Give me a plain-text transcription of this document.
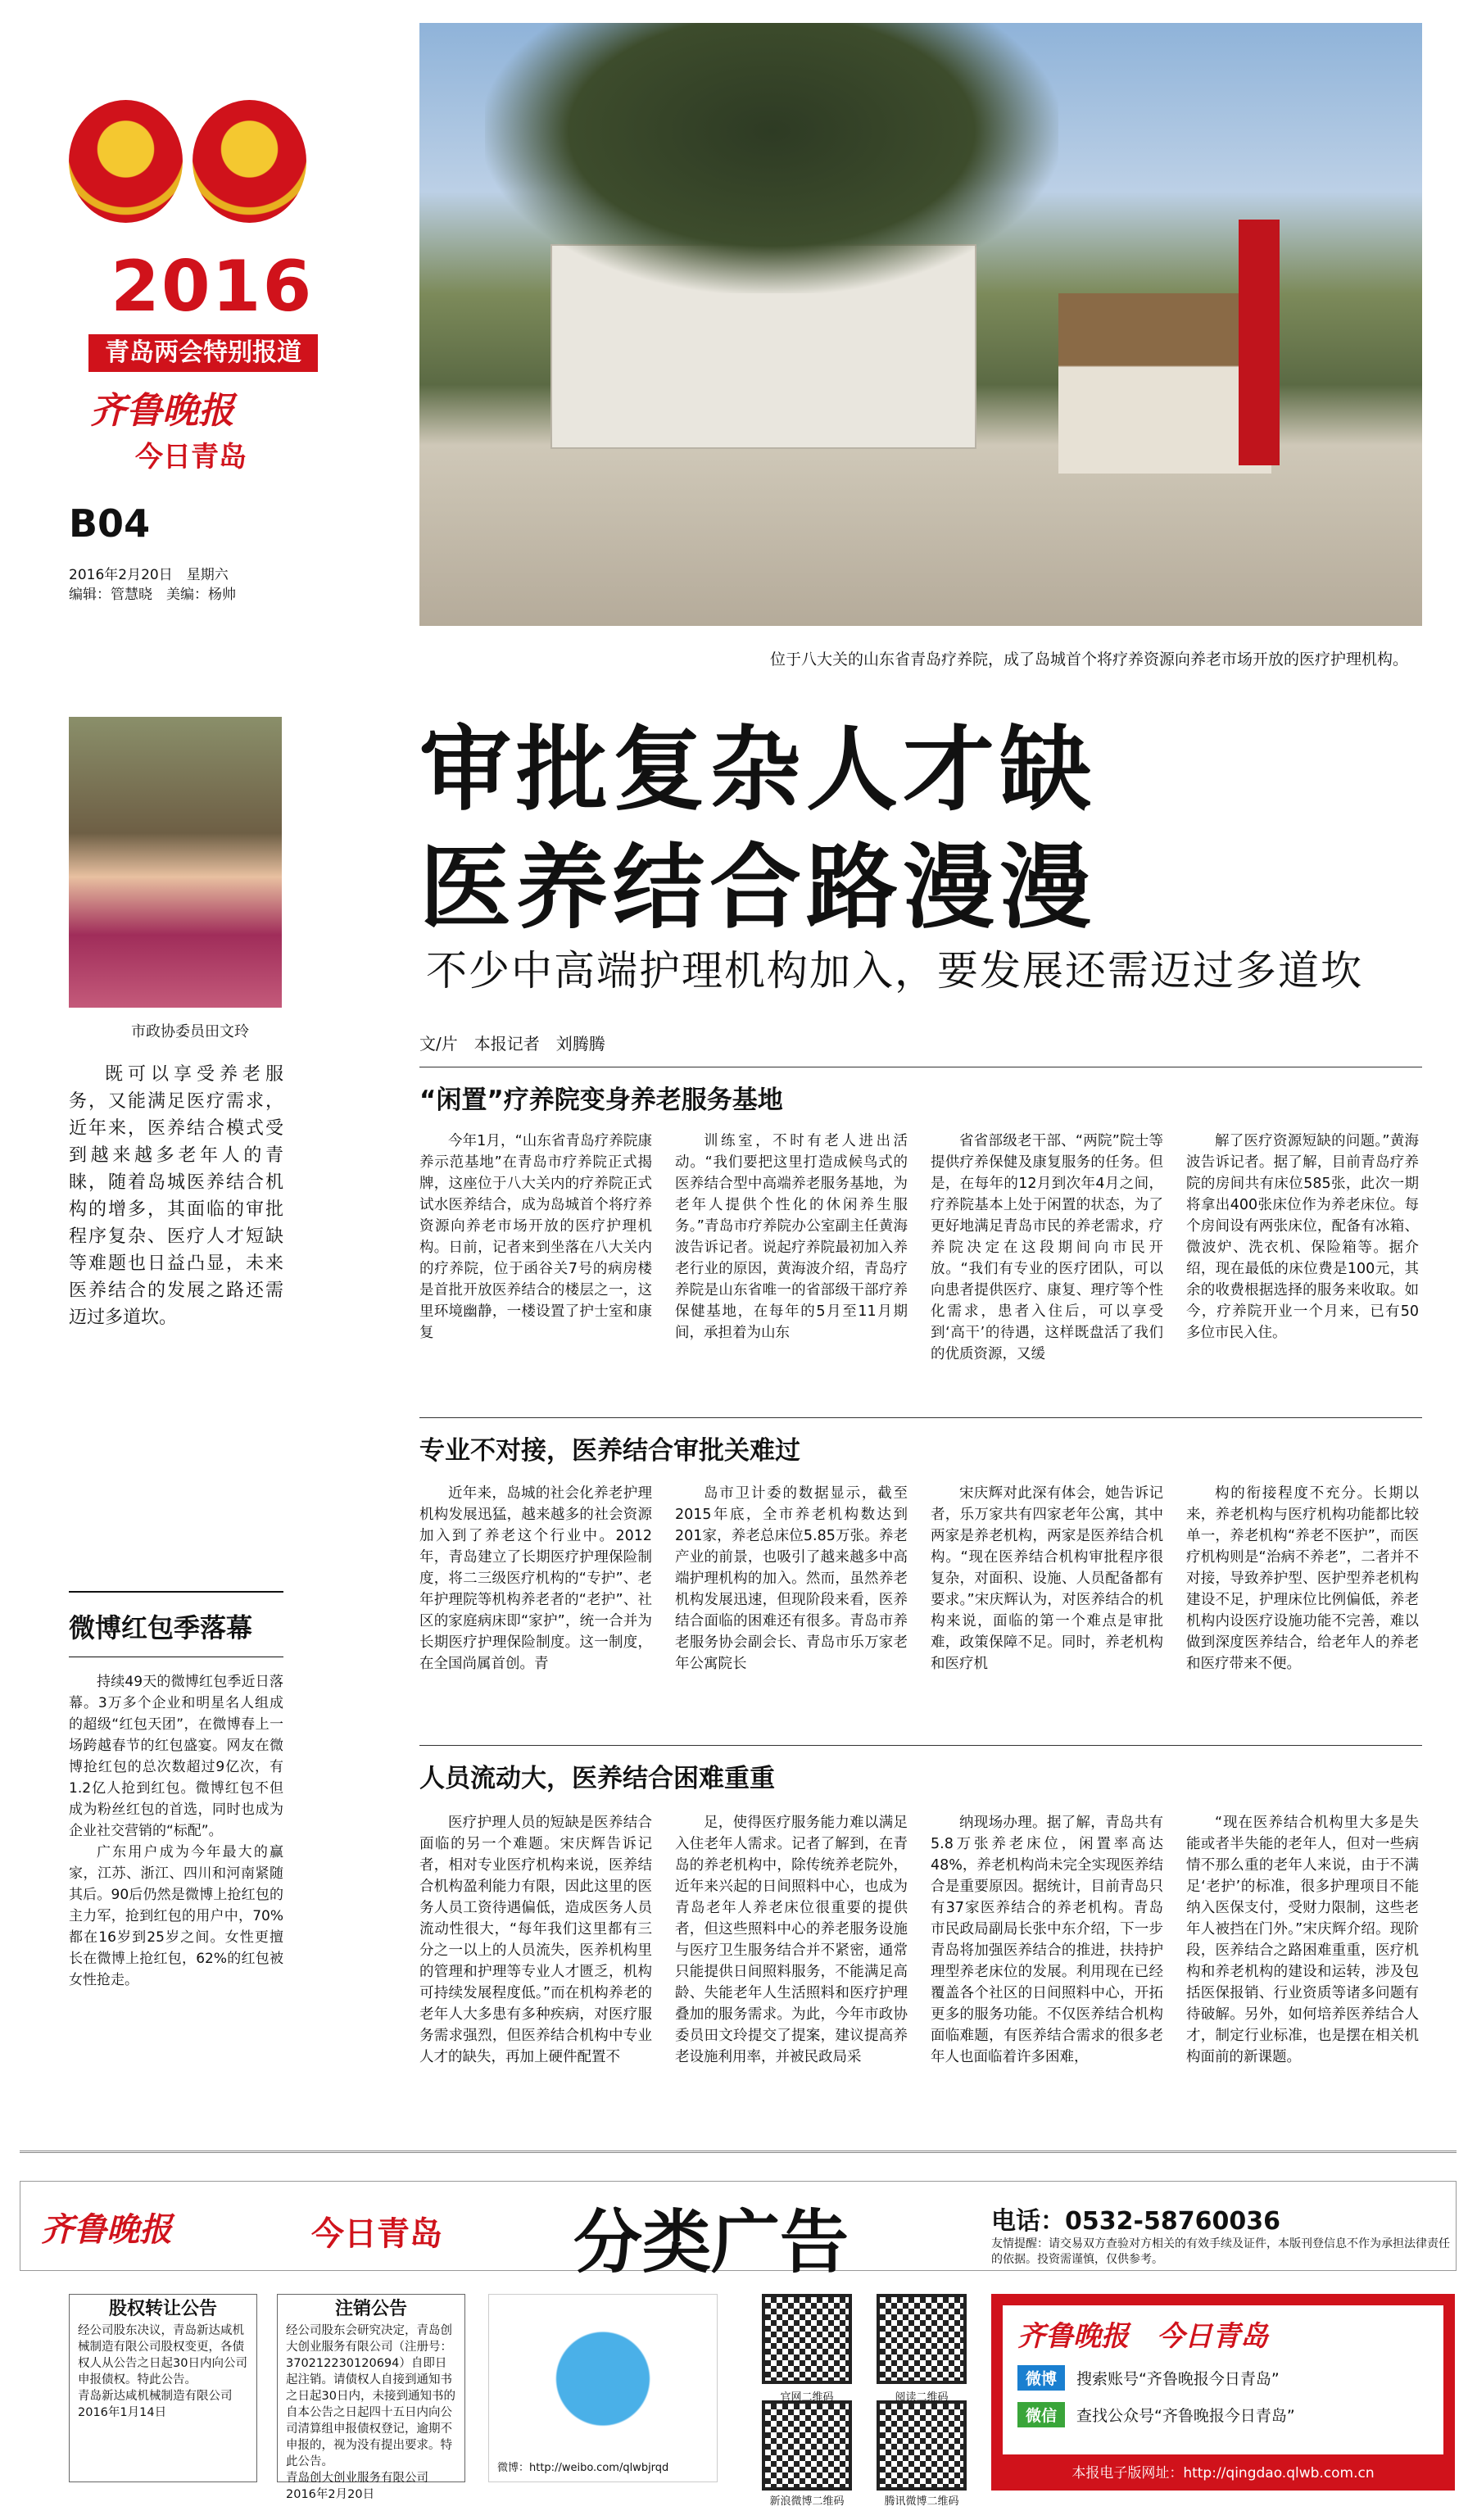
2016
青岛两会特别报道
齐鲁晚报
今日青岛
B04
2016年2月20日　星期六
编辑：管慧晓　美编：杨帅
市政协委员田文玲
既可以享受养老服务，又能满足医疗需求，近年来，医养结合模式受到越来越多老年人的青睐，随着岛城医养结合机构的增多，其面临的审批程序复杂、医疗人才短缺等难题也日益凸显，未来医养结合的发展之路还需迈过多道坎。
微博红包季落幕

持续49天的微博红包季近日落幕。3万多个企业和明星名人组成的超级“红包天团”，在微博春上一场跨越春节的红包盛宴。网友在微博抢红包的总次数超过9亿次，有1.2亿人抢到红包。微博红包不但成为粉丝红包的首选，同时也成为企业社交营销的“标配”。

广东用户成为今年最大的赢家，江苏、浙江、四川和河南紧随其后。90后仍然是微博上抢红包的主力军，抢到红包的用户中，70%都在16岁到25岁之间。女性更擅长在微博上抢红包，62%的红包被女性抢走。

位于八大关的山东省青岛疗养院，成了岛城首个将疗养资源向养老市场开放的医疗护理机构。
审批复杂人才缺
医养结合路漫漫
不少中高端护理机构加入，要发展还需迈过多道坎
文/片　本报记者　刘腾腾
“闲置”疗养院变身养老服务基地
今年1月，“山东省青岛疗养院康养示范基地”在青岛市疗养院正式揭牌，这座位于八大关内的疗养院正式试水医养结合，成为岛城首个将疗养资源向养老市场开放的医疗护理机构。日前，记者来到坐落在八大关内的疗养院，位于函谷关7号的病房楼是首批开放医养结合的楼层之一，这里环境幽静，一楼设置了护士室和康复
训练室，不时有老人进出活动。“我们要把这里打造成候鸟式的医养结合型中高端养老服务基地，为老年人提供个性化的休闲养生服务。”青岛市疗养院办公室副主任黄海波告诉记者。说起疗养院最初加入养老行业的原因，黄海波介绍，青岛疗养院是山东省唯一的省部级干部疗养保健基地，在每年的5月至11月期间，承担着为山东
省省部级老干部、“两院”院士等提供疗养保健及康复服务的任务。但是，在每年的12月到次年4月之间，疗养院基本上处于闲置的状态，为了更好地满足青岛市民的养老需求，疗养院决定在这段期间向市民开放。“我们有专业的医疗团队，可以向患者提供医疗、康复、理疗等个性化需求，患者入住后，可以享受到‘高干’的待遇，这样既盘活了我们的优质资源，又缓
解了医疗资源短缺的问题。”黄海波告诉记者。据了解，目前青岛疗养院的房间共有床位585张，此次一期将拿出400张床位作为养老床位。每个房间设有两张床位，配备有冰箱、微波炉、洗衣机、保险箱等。据介绍，现在最低的床位费是100元，其余的收费根据选择的服务来收取。如今，疗养院开业一个月来，已有50多位市民入住。
专业不对接，医养结合审批关难过
近年来，岛城的社会化养老护理机构发展迅猛，越来越多的社会资源加入到了养老这个行业中。2012年，青岛建立了长期医疗护理保险制度，将二三级医疗机构的“专护”、老年护理院等机构养老者的“老护”、社区的家庭病床即“家护”，统一合并为长期医疗护理保险制度。这一制度，在全国尚属首创。青
岛市卫计委的数据显示，截至2015年底，全市养老机构数达到201家，养老总床位5.85万张。养老产业的前景，也吸引了越来越多中高端护理机构的加入。然而，虽然养老机构发展迅速，但现阶段来看，医养结合面临的困难还有很多。青岛市养老服务协会副会长、青岛市乐万家老年公寓院长
宋庆辉对此深有体会，她告诉记者，乐万家共有四家老年公寓，其中两家是养老机构，两家是医养结合机构。“现在医养结合机构审批程序很复杂，对面积、设施、人员配备都有要求。”宋庆辉认为，对医养结合的机构来说，面临的第一个难点是审批难，政策保障不足。同时，养老机构和医疗机
构的衔接程度不充分。长期以来，养老机构与医疗机构功能都比较单一，养老机构“养老不医护”，而医疗机构则是“治病不养老”，二者并不对接，导致养护型、医护型养老机构建设不足，护理床位比例偏低，养老机构内设医疗设施功能不完善，难以做到深度医养结合，给老年人的养老和医疗带来不便。
人员流动大，医养结合困难重重
医疗护理人员的短缺是医养结合面临的另一个难题。宋庆辉告诉记者，相对专业医疗机构来说，医养结合机构盈利能力有限，因此这里的医务人员工资待遇偏低，造成医务人员流动性很大，“每年我们这里都有三分之一以上的人员流失，医养机构里的管理和护理等专业人才匮乏，机构可持续发展程度低。”而在机构养老的老年人大多患有多种疾病，对医疗服务需求强烈，但医养结合机构中专业人才的缺失，再加上硬件配置不
足，使得医疗服务能力难以满足入住老年人需求。记者了解到，在青岛的养老机构中，除传统养老院外，近年来兴起的日间照料中心，也成为青岛老年人养老床位很重要的提供者，但这些照料中心的养老服务设施与医疗卫生服务结合并不紧密，通常只能提供日间照料服务，不能满足高龄、失能老年人生活照料和医疗护理叠加的服务需求。为此，今年市政协委员田文玲提交了提案，建议提高养老设施利用率，并被民政局采
纳现场办理。据了解，青岛共有5.8万张养老床位，闲置率高达48%，养老机构尚未完全实现医养结合是重要原因。据统计，目前青岛只有37家医养结合的养老机构。青岛市民政局副局长张中东介绍，下一步青岛将加强医养结合的推进，扶持护理型养老床位的发展。利用现在已经覆盖各个社区的日间照料中心，开拓更多的服务功能。不仅医养结合机构面临难题，有医养结合需求的很多老年人也面临着许多困难，
“现在医养结合机构里大多是失能或者半失能的老年人，但对一些病情不那么重的老年人来说，由于不满足‘老护’的标准，很多护理项目不能纳入医保支付，受财力限制，这些老年人被挡在门外。”宋庆辉介绍。现阶段，医养结合之路困难重重，医疗机构和养老机构的建设和运转，涉及包括医保报销、行业资质等诸多问题有待破解。另外，如何培养医养结合人才，制定行业标准，也是摆在相关机构面前的新课题。
齐鲁晚报	今日青岛 分类广告	电话：0532-58760036
友情提醒：请交易双方查验对方相关的有效手续及证件，本版刊登信息不作为承担法律责任的依据。投资需谨慎，仅供参考。
股权转让公告
经公司股东决议，青岛新达咸机械制造有限公司股权变更，各债权人从公告之日起30日内向公司申报债权。特此公告。
青岛新达咸机械制造有限公司　2016年1月14日
注销公告
经公司股东会研究决定，青岛创大创业服务有限公司（注册号：370212230120694）自即日起注销。请债权人自接到通知书之日起30日内，未接到通知书的自本公告之日起四十五日内向公司清算组申报债权登记，逾期不申报的，视为没有提出要求。特此公告。
青岛创大创业服务有限公司　2016年2月20日
微博：http://weibo.com/qlwbjrqd
官网二维码	阅读二维码
新浪微博二维码	腾讯微博二维码
齐鲁晚报　今日青岛
微博	搜索账号“齐鲁晚报今日青岛”
微信	查找公众号“齐鲁晚报今日青岛”
本报电子版网址：http://qingdao.qlwb.com.cn
